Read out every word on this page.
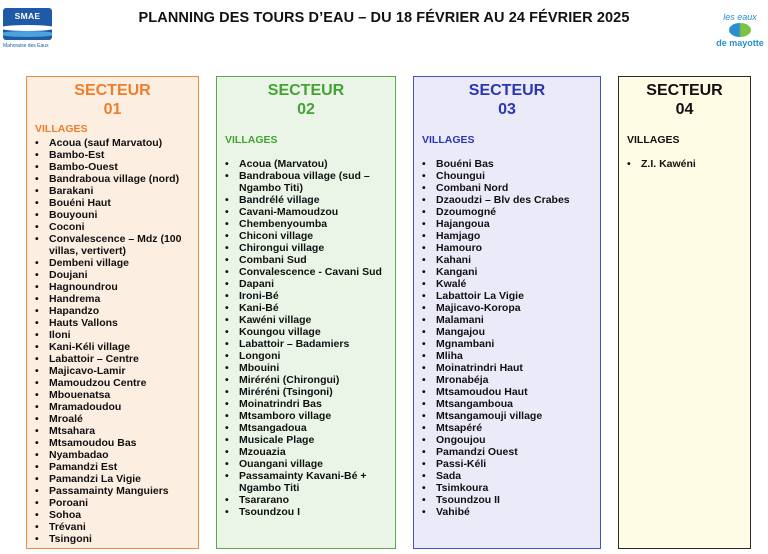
SMAE
Mahoraise des Eaux
PLANNING DES TOURS D’EAU – DU 18 FÉVRIER AU 24 FÉVRIER 2025	les eaux
de mayotte
SECTEUR
01
VILLAGES
• Acoua (sauf Marvatou)
• Bambo-Est
• Bambo-Ouest
• Bandraboua village (nord)
• Barakani
• Bouéni Haut
• Bouyouni
• Coconi
• Convalescence – Mdz (100 villas, vertivert)
• Dembeni village
• Doujani
• Hagnoundrou
• Handrema
• Hapandzo
• Hauts Vallons
• Iloni
• Kani-Kéli village
• Labattoir – Centre
• Majicavo-Lamir
• Mamoudzou Centre
• Mbouenatsa
• Mramadoudou
• Mroalé
• Mtsahara
• Mtsamoudou Bas
• Nyambadao
• Pamandzi Est
• Pamandzi La Vigie
• Passamainty Manguiers
• Poroani
• Sohoa
• Trévani
• Tsingoni
SECTEUR
02
VILLAGES
• Acoua (Marvatou)
• Bandraboua village (sud – Ngambo Titi)
• Bandrélé village
• Cavani-Mamoudzou
• Chembenyoumba
• Chiconi village
• Chirongui village
• Combani Sud
• Convalescence - Cavani Sud
• Dapani
• Ironi-Bé
• Kani-Bé
• Kawéni village
• Koungou village
• Labattoir – Badamiers
• Longoni
• Mbouini
• Miréréni (Chirongui)
• Miréréni (Tsingoni)
• Moinatrindri Bas
• Mtsamboro village
• Mtsangadoua
• Musicale Plage
• Mzouazia
• Ouangani village
• Passamainty Kavani-Bé + Ngambo Titi
• Tsararano
• Tsoundzou I
SECTEUR
03
VILLAGES
• Bouéni Bas
• Choungui
• Combani Nord
• Dzaoudzi – Blv des Crabes
• Dzoumogné
• Hajangoua
• Hamjago
• Hamouro
• Kahani
• Kangani
• Kwalé
• Labattoir La Vigie
• Majicavo-Koropa
• Malamani
• Mangajou
• Mgnambani
• Mliha
• Moinatrindri Haut
• Mronabéja
• Mtsamoudou Haut
• Mtsangamboua
• Mtsangamouji village
• Mtsapéré
• Ongoujou
• Pamandzi Ouest
• Passi-Kéli
• Sada
• Tsimkoura
• Tsoundzou II
• Vahibé
SECTEUR
04
VILLAGES
• Z.I. Kawéni
